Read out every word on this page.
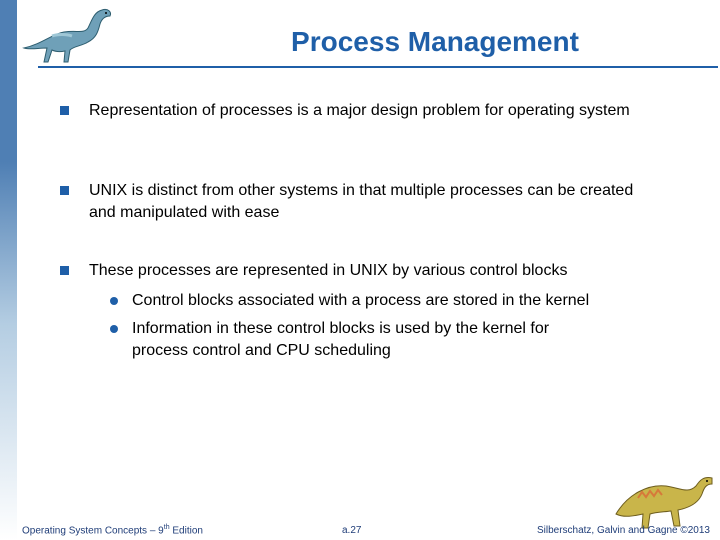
Process Management
Representation of processes is a major design problem for operating system
UNIX is distinct from other systems in that multiple processes can be created and manipulated with ease
These processes are represented in UNIX by various control blocks
Control blocks associated with a process are stored in the kernel
Information in these control blocks is used by the kernel for process control and CPU scheduling
Operating System Concepts – 9th Edition	a.27	Silberschatz, Galvin and Gagne ©2013
